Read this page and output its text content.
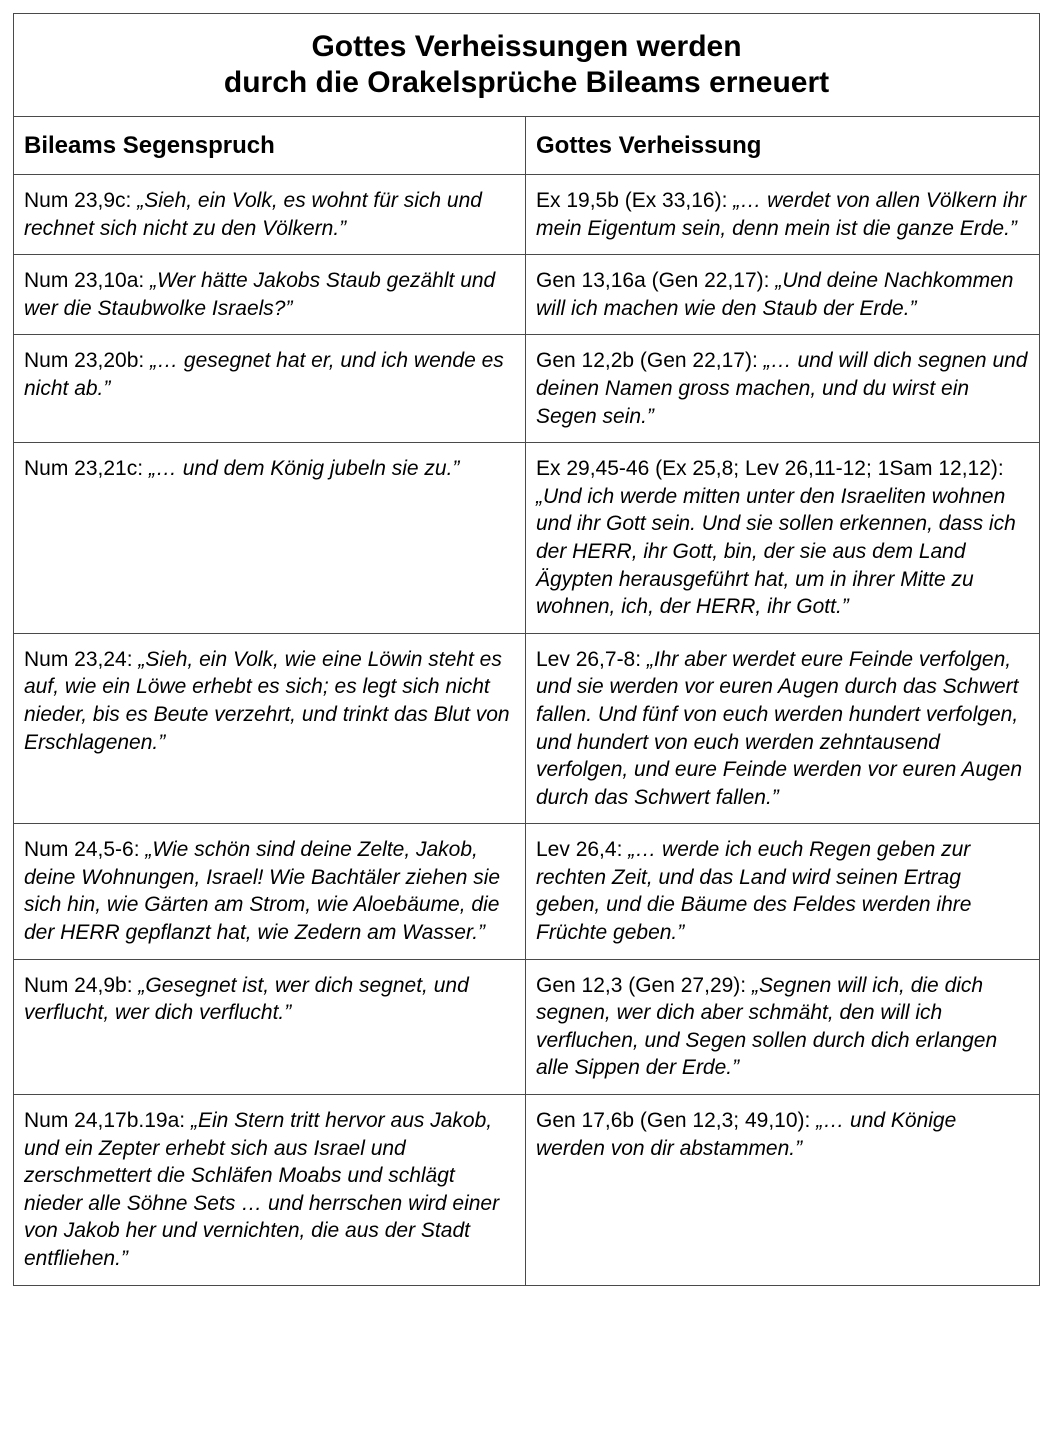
Gottes Verheissungen werden
durch die Orakelsprüche Bileams erneuert	

Bileams Segenspruch	Gottes Verheissung
Num 23,9c: „Sieh, ein Volk, es wohnt für sich und rechnet sich nicht zu den Völkern.”	Ex 19,5b (Ex 33,16): „… werdet von allen Völkern ihr mein Eigentum sein, denn mein ist die ganze Erde.”
Num 23,10a: „Wer hätte Jakobs Staub gezählt und wer die Staubwolke Israels?”	Gen 13,16a (Gen 22,17): „Und deine Nachkommen will ich machen wie den Staub der Erde.”
Num 23,20b: „… gesegnet hat er, und ich wende es nicht ab.”	Gen 12,2b (Gen 22,17): „… und will dich segnen und deinen Namen gross machen, und du wirst ein Segen sein.”
Num 23,21c: „… und dem König jubeln sie zu.”	Ex 29,45-46 (Ex 25,8; Lev 26,11-12; 1Sam 12,12): „Und ich werde mitten unter den Israeliten wohnen und ihr Gott sein. Und sie sollen erkennen, dass ich der HERR, ihr Gott, bin, der sie aus dem Land Ägypten herausgeführt hat, um in ihrer Mitte zu wohnen, ich, der HERR, ihr Gott.”
Num 23,24: „Sieh, ein Volk, wie eine Löwin steht es auf, wie ein Löwe erhebt es sich; es legt sich nicht nieder, bis es Beute verzehrt, und trinkt das Blut von Erschlagenen.”	Lev 26,7-8: „Ihr aber werdet eure Feinde verfolgen, und sie werden vor euren Augen durch das Schwert fallen. Und fünf von euch werden hundert verfolgen, und hundert von euch werden zehntausend verfolgen, und eure Feinde werden vor euren Augen durch das Schwert fallen.”
Num 24,5-6: „Wie schön sind deine Zelte, Jakob, deine Wohnungen, Israel! Wie Bachtäler ziehen sie sich hin, wie Gärten am Strom, wie Aloebäume, die der HERR gepflanzt hat, wie Zedern am Wasser.”	Lev 26,4: „… werde ich euch Regen geben zur rechten Zeit, und das Land wird seinen Ertrag geben, und die Bäume des Feldes werden ihre Früchte geben.”
Num 24,9b: „Gesegnet ist, wer dich segnet, und verflucht, wer dich verflucht.”	Gen 12,3 (Gen 27,29): „Segnen will ich, die dich segnen, wer dich aber schmäht, den will ich verfluchen, und Segen sollen durch dich erlangen alle Sippen der Erde.”
Num 24,17b.19a: „Ein Stern tritt hervor aus Jakob, und ein Zepter erhebt sich aus Israel und zerschmettert die Schläfen Moabs und schlägt nieder alle Söhne Sets … und herrschen wird einer von Jakob her und vernichten, die aus der Stadt entfliehen.”	Gen 17,6b (Gen 12,3; 49,10): „… und Könige werden von dir abstammen.”
